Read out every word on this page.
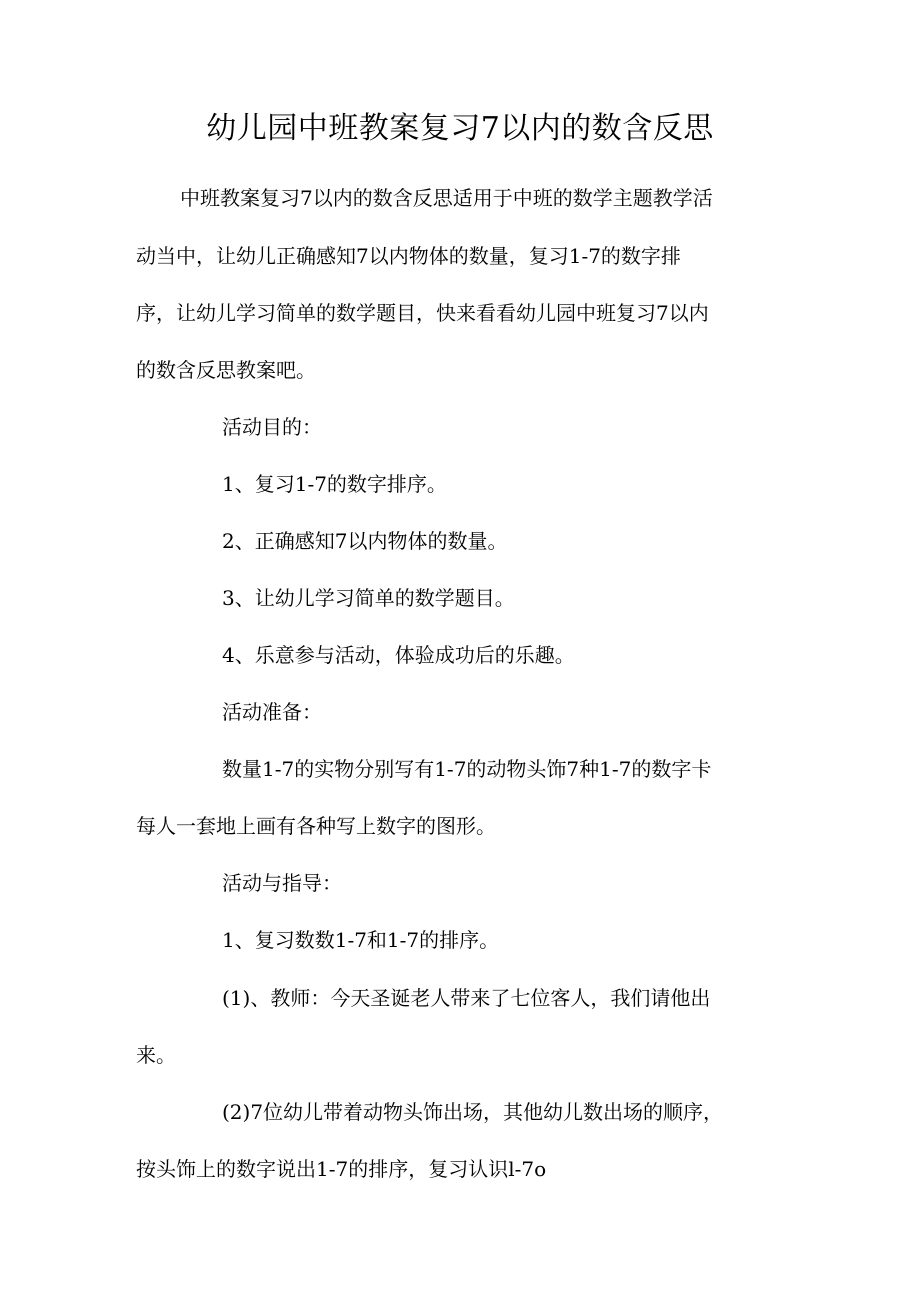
幼儿园中班教案复习7以内的数含反思
中班教案复习7以内的数含反思适用于中班的数学主题教学活
动当中，让幼儿正确感知7以内物体的数量，复习1-7的数字排
序，让幼儿学习简单的数学题目，快来看看幼儿园中班复习7以内
的数含反思教案吧。
活动目的：
1、复习1-7的数字排序。
2、正确感知7以内物体的数量。
3、让幼儿学习简单的数学题目。
4、乐意参与活动，体验成功后的乐趣。
活动准备：
数量1-7的实物分别写有1-7的动物头饰7种1-7的数字卡
每人一套地上画有各种写上数字的图形。
活动与指导：
1、复习数数1-7和1-7的排序。
(1)、教师：今天圣诞老人带来了七位客人，我们请他出
来。
(2)7位幼儿带着动物头饰出场，其他幼儿数出场的顺序，
按头饰上的数字说出1-7的排序，复习认识l-7o
